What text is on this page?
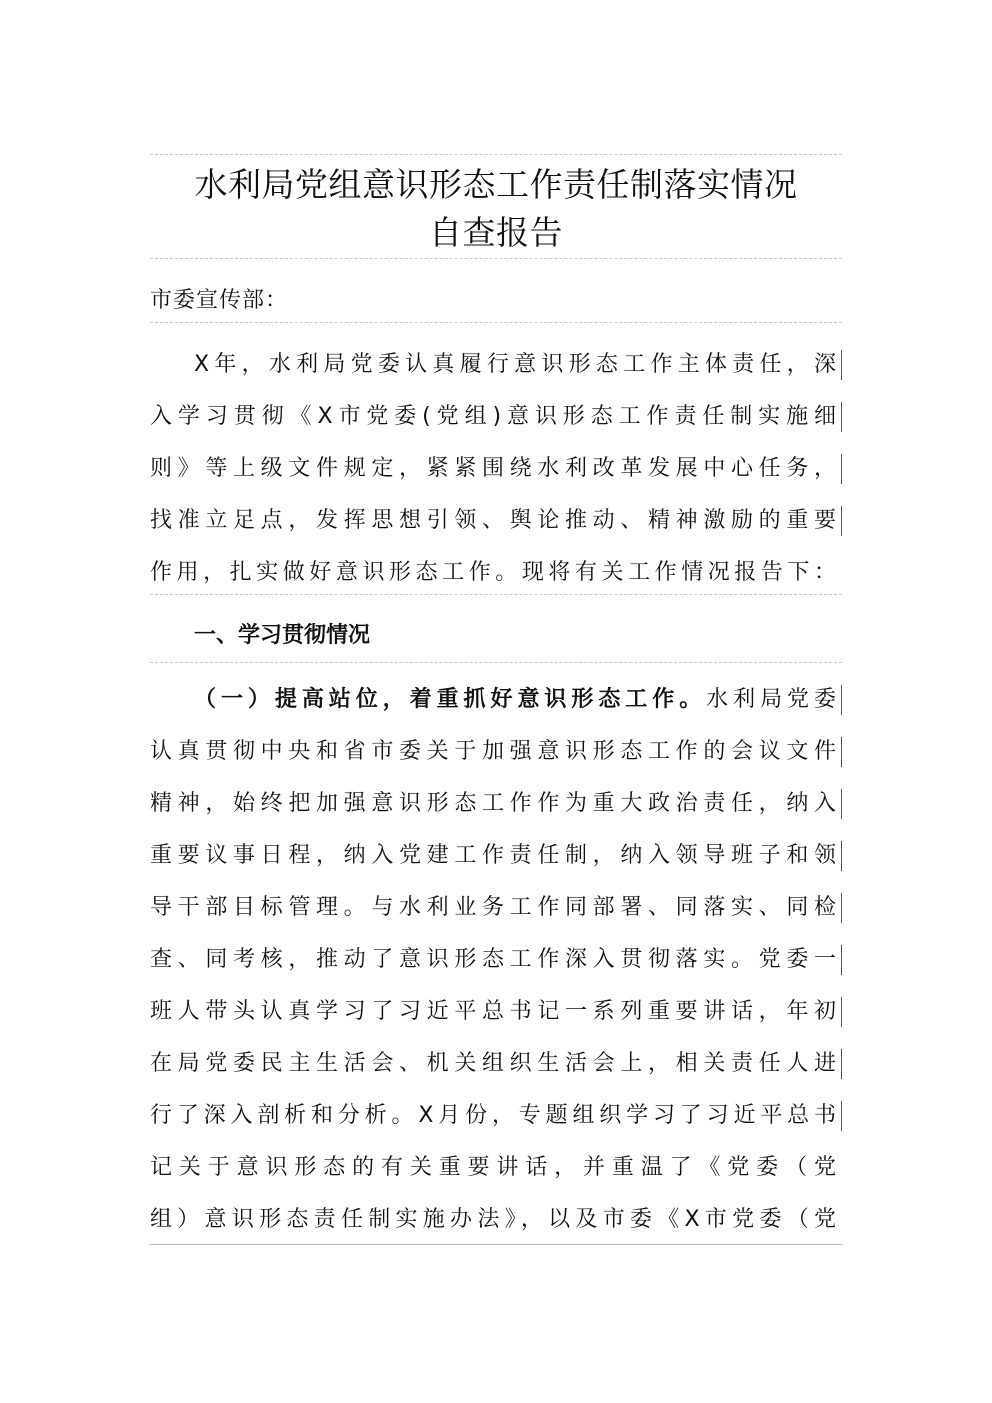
水利局党组意识形态工作责任制落实情况
自查报告
市委宣传部：
X年，水利局党委认真履行意识形态工作主体责任，深
入学习贯彻《X市党委(党组)意识形态工作责任制实施细
则》等上级文件规定，紧紧围绕水利改革发展中心任务，
找准立足点，发挥思想引领、舆论推动、精神激励的重要
作用，扎实做好意识形态工作。现将有关工作情况报告下：
一、学习贯彻情况
（一）提高站位，着重抓好意识形态工作。水利局党委
认真贯彻中央和省市委关于加强意识形态工作的会议文件
精神，始终把加强意识形态工作作为重大政治责任，纳入
重要议事日程，纳入党建工作责任制，纳入领导班子和领
导干部目标管理。与水利业务工作同部署、同落实、同检
查、同考核，推动了意识形态工作深入贯彻落实。党委一
班人带头认真学习了习近平总书记一系列重要讲话，年初
在局党委民主生活会、机关组织生活会上，相关责任人进
行了深入剖析和分析。X月份，专题组织学习了习近平总书
记关于意识形态的有关重要讲话，并重温了《党委（党
组）意识形态责任制实施办法》，以及市委《X市党委（党
